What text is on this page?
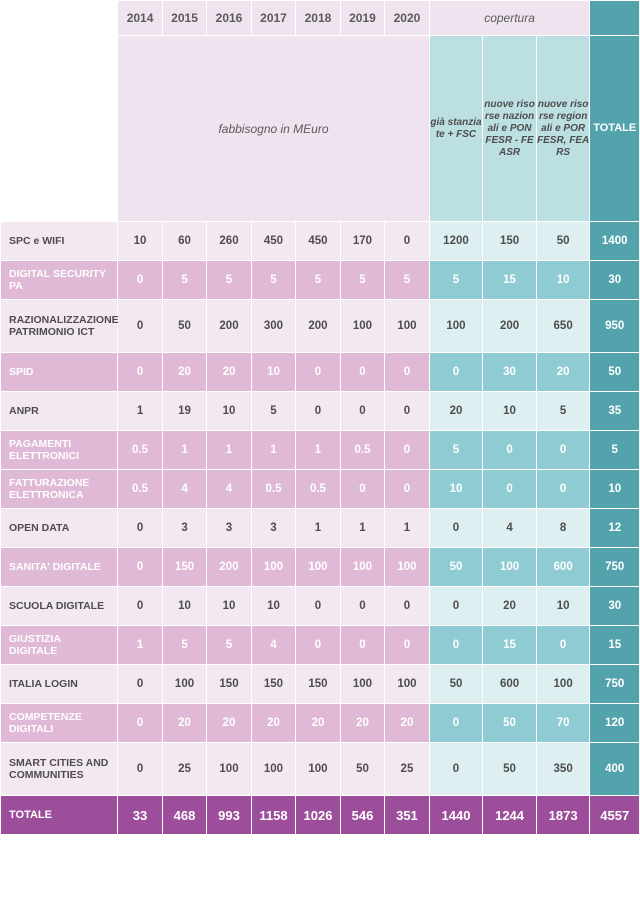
	2014	2015	2016	2017	2018	2019	2020	copertura			
	fabbisogno in MEuro							già stanziate + FSC	nuove risorse nazionali e PON FESR - FEASR	nuove risorse regionali e POR FESR, FEARS	TOTALE
SPC e WIFI	10	60	260	450	450	170	0	1200	150	50	1400
DIGITAL SECURITY PA	0	5	5	5	5	5	5	5	15	10	30
RAZIONALIZZAZIONE PATRIMONIO ICT	0	50	200	300	200	100	100	100	200	650	950
SPID	0	20	20	10	0	0	0	0	30	20	50
ANPR	1	19	10	5	0	0	0	20	10	5	35
PAGAMENTI ELETTRONICI	0.5	1	1	1	1	0.5	0	5	0	0	5
FATTURAZIONE ELETTRONICA	0.5	4	4	0.5	0.5	0	0	10	0	0	10
OPEN DATA	0	3	3	3	1	1	1	0	4	8	12
SANITA' DIGITALE	0	150	200	100	100	100	100	50	100	600	750
SCUOLA DIGITALE	0	10	10	10	0	0	0	0	20	10	30
GIUSTIZIA DIGITALE	1	5	5	4	0	0	0	0	15	0	15
ITALIA LOGIN	0	100	150	150	150	100	100	50	600	100	750
COMPETENZE DIGITALI	0	20	20	20	20	20	20	0	50	70	120
SMART CITIES AND COMMUNITIES	0	25	100	100	100	50	25	0	50	350	400
TOTALE	33	468	993	1158	1026	546	351	1440	1244	1873	4557
